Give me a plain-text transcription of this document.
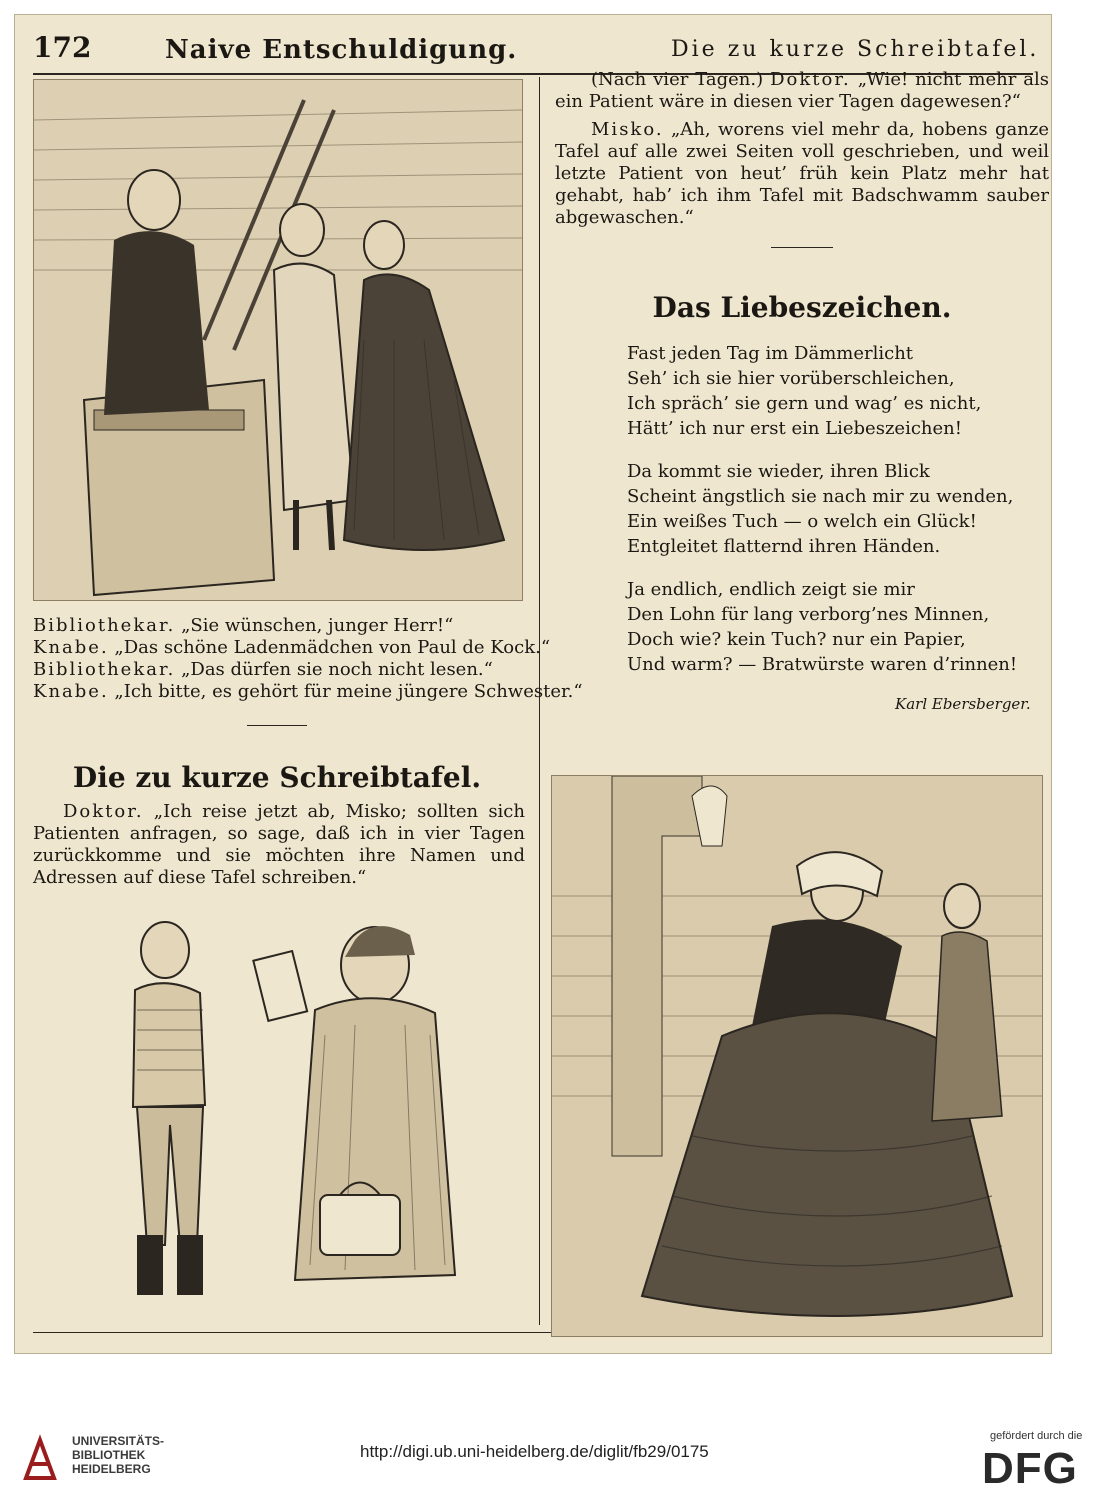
172	Naive Entschuldigung.	Die zu kurze Schreibtafel.

Bibliothekar. „Sie wünschen, junger Herr!“

Knabe. „Das schöne Ladenmädchen von Paul de Kock.“

Bibliothekar. „Das dürfen sie noch nicht lesen.“

Knabe. „Ich bitte, es gehört für meine jüngere Schwester.“

Die zu kurze Schreibtafel.
Doktor. „Ich reise jetzt ab, Misko; sollten sich Patienten anfragen, so sage, daß ich in vier Tagen zurückkomme und sie möchten ihre Namen und Adressen auf diese Tafel schreiben.“

(Nach vier Tagen.) Doktor. „Wie! nicht mehr als ein Patient wäre in diesen vier Tagen dagewesen?“

Misko. „Ah, worens viel mehr da, hobens ganze Tafel auf alle zwei Seiten voll geschrieben, und weil letzte Patient von heut’ früh kein Platz mehr hat gehabt, hab’ ich ihm Tafel mit Badschwamm sauber abgewaschen.“

Das Liebeszeichen.
Fast jeden Tag im Dämmerlicht
Seh’ ich sie hier vorüberschleichen,
Ich spräch’ sie gern und wag’ es nicht,
Hätt’ ich nur erst ein Liebeszeichen!
Da kommt sie wieder, ihren Blick
Scheint ängstlich sie nach mir zu wenden,
Ein weißes Tuch — o welch ein Glück!
Entgleitet flatternd ihren Händen.
Ja endlich, endlich zeigt sie mir
Den Lohn für lang verborg’nes Minnen,
Doch wie? kein Tuch? nur ein Papier,
Und warm? — Bratwürste waren d’rinnen!
Karl Ebersberger.
UNIVERSITÄTS-
BIBLIOTHEK
HEIDELBERG
http://digi.ub.uni-heidelberg.de/diglit/fb29/0175
gefördert durch die
DFG
